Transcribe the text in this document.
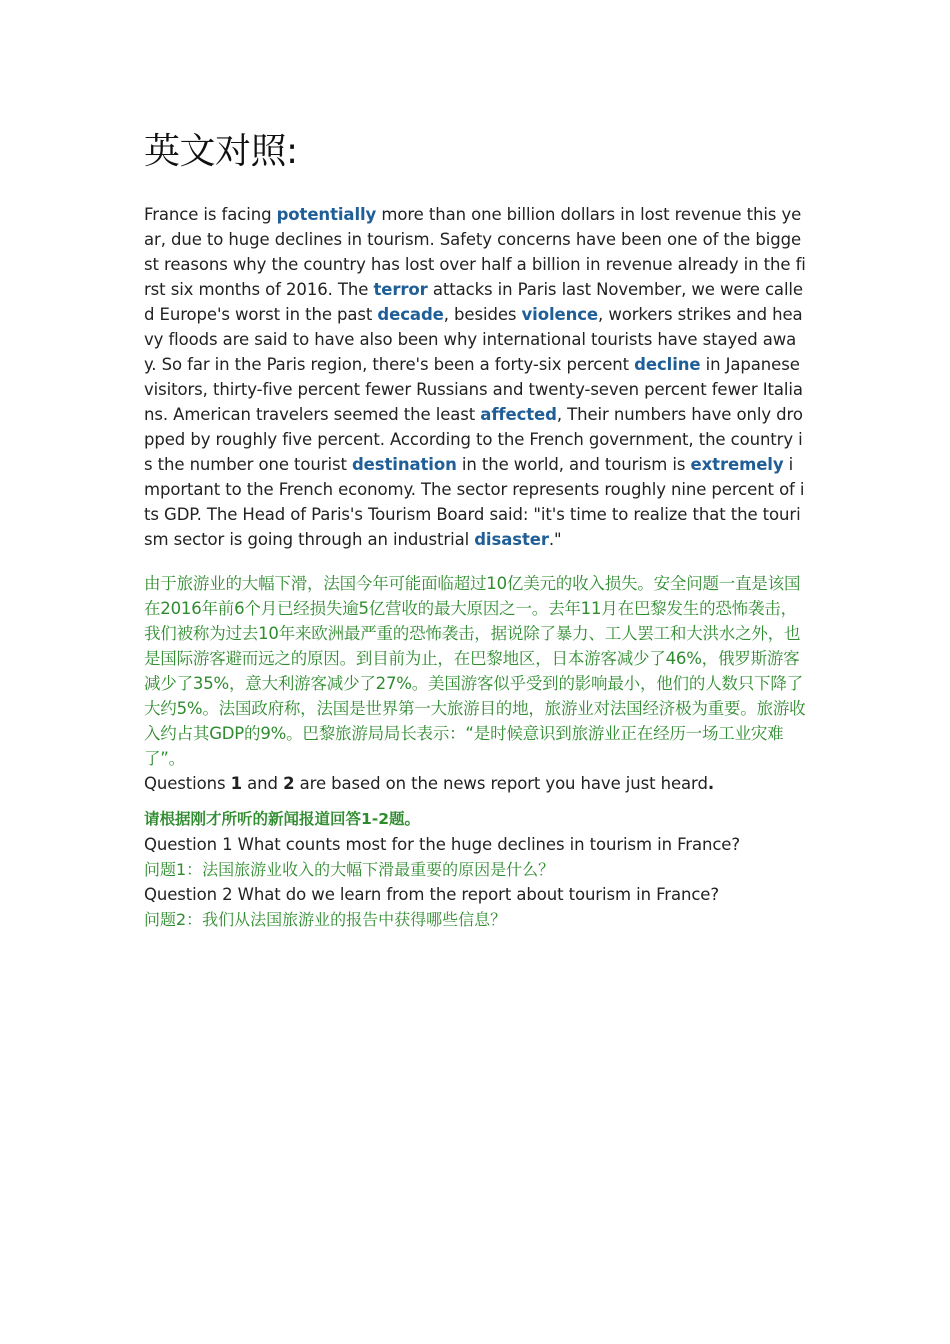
英文对照:

France is facing potentially more than one billion dollars in lost revenue this year, due to huge declines in tourism. Safety concerns have been one of the biggest reasons why the country has lost over half a billion in revenue already in the first six months of 2016. The terror attacks in Paris last November, we were called Europe's worst in the past decade, besides violence, workers strikes and heavy floods are said to have also been why international tourists have stayed away. So far in the Paris region, there's been a forty-six percent decline in Japanese visitors, thirty-five percent fewer Russians and twenty-seven percent fewer Italians. American travelers seemed the least affected, Their numbers have only dropped by roughly five percent. According to the French government, the country is the number one tourist destination in the world, and tourism is extremely important to the French economy. The sector represents roughly nine percent of its GDP. The Head of Paris's Tourism Board said: "it's time to realize that the tourism sector is going through an industrial disaster."

由于旅游业的大幅下滑，法国今年可能面临超过10亿美元的收入损失。安全问题一直是该国在2016年前6个月已经损失逾5亿营收的最大原因之一。去年11月在巴黎发生的恐怖袭击，我们被称为过去10年来欧洲最严重的恐怖袭击，据说除了暴力、工人罢工和大洪水之外，也是国际游客避而远之的原因。到目前为止，在巴黎地区，日本游客减少了46%，俄罗斯游客减少了35%，意大利游客减少了27%。美国游客似乎受到的影响最小，他们的人数只下降了大约5%。法国政府称，法国是世界第一大旅游目的地，旅游业对法国经济极为重要。旅游收入约占其GDP的9%。巴黎旅游局局长表示：“是时候意识到旅游业正在经历一场工业灾难了”。

Questions 1 and 2 are based on the news report you have just heard.

请根据刚才所听的新闻报道回答1-2题。

Question 1 What counts most for the huge declines in tourism in France?

问题1：法国旅游业收入的大幅下滑最重要的原因是什么？

Question 2 What do we learn from the report about tourism in France?

问题2：我们从法国旅游业的报告中获得哪些信息？
